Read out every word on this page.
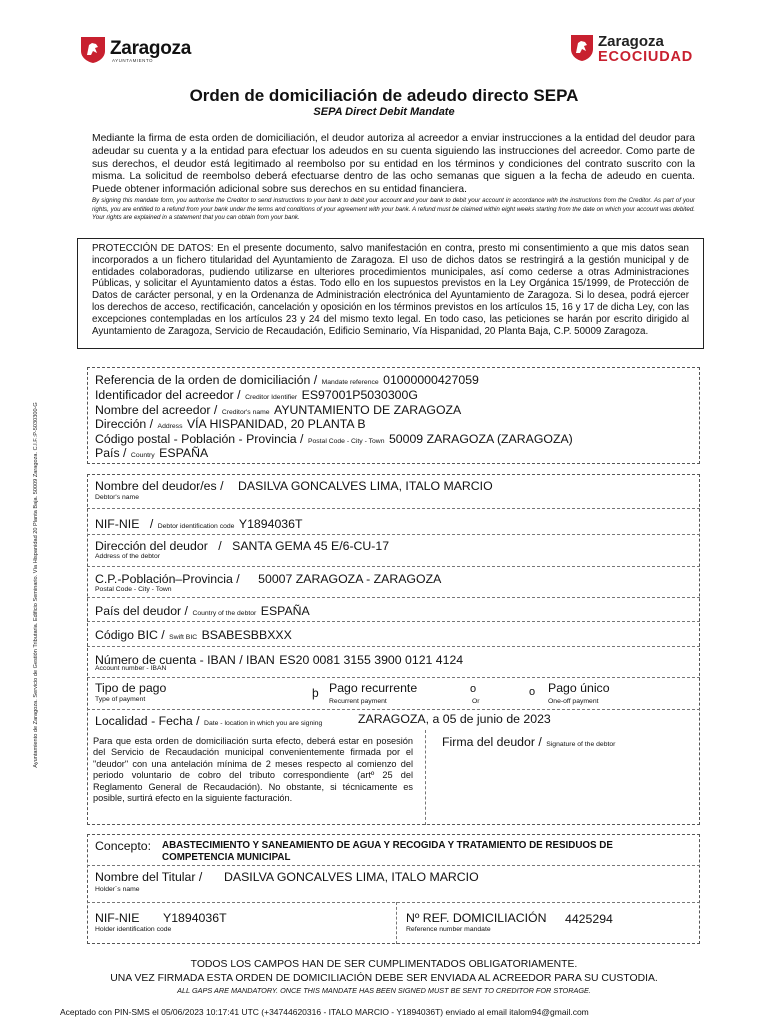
Zaragoza
AYUNTAMIENTO
Zaragoza
ECOCIUDAD
Orden de domiciliación de adeudo directo SEPA
SEPA Direct Debit Mandate
Mediante la firma de esta orden de domiciliación, el deudor autoriza al acreedor a enviar instrucciones a la entidad del deudor para adeudar su cuenta y a la entidad para efectuar los adeudos en su cuenta siguiendo las instrucciones del acreedor. Como parte de sus derechos, el deudor está legitimado al reembolso por su entidad en los términos y condiciones del contrato suscrito con la misma. La solicitud de reembolso deberá efectuarse dentro de las ocho semanas que siguen a la fecha de adeudo en cuenta. Puede obtener información adicional sobre sus derechos en su entidad financiera.
By signing this mandate form, you authorise the Creditor to send instructions to your bank to debit your account and your bank to debit your account in accordance with the instructions from the Creditor. As part of your rights, you are entitled to a refund from your bank under the terms and conditions of your agreement with your bank. A refund must be claimed within eight weeks starting from the date on which your account was debited. Your rights are explained in a statement that you can obtain from your bank.
PROTECCIÓN DE DATOS: En el presente documento, salvo manifestación en contra, presto mi consentimiento a que mis datos sean incorporados a un fichero titularidad del Ayuntamiento de Zaragoza. El uso de dichos datos se restringirá a la gestión municipal y de entidades colaboradoras, pudiendo utilizarse en ulteriores procedimientos municipales, así como cederse a otras Administraciones Públicas, y solicitar el Ayuntamiento datos a éstas. Todo ello en los supuestos previstos en la Ley Orgánica 15/1999, de Protección de Datos de carácter personal, y en la Ordenanza de Administración electrónica del Ayuntamiento de Zaragoza. Si lo desea, podrá ejercer los derechos de acceso, rectificación, cancelación y oposición en los términos previstos en los artículos 15, 16 y 17 de dicha Ley, con las excepciones contempladas en los artículos 23 y 24 del mismo texto legal. En todo caso, las peticiones se harán por escrito dirigido al Ayuntamiento de Zaragoza, Servicio de Recaudación, Edificio Seminario, Vía Hispanidad, 20 Planta Baja, C.P. 50009 Zaragoza.
Ayuntamiento de Zaragoza. Servicio de Gestión Tributaria. Edificio Seminario. Vía Hispanidad 20 Planta Baja. 50009 Zaragoza. C.I.F.:P-5030300-G
Referencia de la orden de domiciliación / Mandate reference 01000000427059
Identificador del acreedor / Creditor Identifier ES97001P5030300G
Nombre del acreedor / Creditor's name AYUNTAMIENTO DE ZARAGOZA
Dirección / Address VÍA HISPANIDAD, 20 PLANTA B
Código postal - Población - Provincia / Postal Code - City - Town 50009 ZARAGOZA (ZARAGOZA)
País / Country ESPAÑA
Nombre del deudor/es / DASILVA GONCALVES LIMA, ITALO MARCIO
Debtor's name
NIF-NIE / Debtor identification code Y1894036T
Dirección del deudor / SANTA GEMA 45 E/6-CU-17
Address of the debtor
C.P.-Población–Provincia / 50007 ZARAGOZA - ZARAGOZA
Postal Code - City - Town
País del deudor / Country of the debtor ESPAÑA
Código BIC / Swift BIC BSABESBBXXX
Número de cuenta - IBAN / IBAN ES20 0081 3155 3900 0121 4124
Account number - IBAN
Tipo de pago
Type of payment	þ Pago recurrente
Recurrent payment
o
Or
o Pago único
One-off payment
Localidad - Fecha / Date - location in which you are signing	ZARAGOZA, a 05 de junio de 2023
Para que esta orden de domiciliación surta efecto, deberá estar en posesión del Servicio de Recaudación municipal convenientemente firmada por el "deudor" con una antelación mínima de 2 meses respecto al comienzo del periodo voluntario de cobro del tributo correspondiente (artº 25 del Reglamento General de Recaudación). No obstante, si técnicamente es posible, surtirá efecto en la siguiente facturación.
Firma del deudor / Signature of the debtor
Concepto: ABASTECIMIENTO Y SANEAMIENTO DE AGUA Y RECOGIDA Y TRATAMIENTO DE RESIDUOS DE COMPETENCIA MUNICIPAL
Nombre del Titular / DASILVA GONCALVES LIMA, ITALO MARCIO
Holder´s name
NIF-NIE Y1894036T
Holder identification code
Nº REF. DOMICILIACIÓN 4425294
Reference number mandate
TODOS LOS CAMPOS HAN DE SER CUMPLIMENTADOS OBLIGATORIAMENTE.
UNA VEZ FIRMADA ESTA ORDEN DE DOMICILIACIÓN DEBE SER ENVIADA AL ACREEDOR PARA SU CUSTODIA.
ALL GAPS ARE MANDATORY. ONCE THIS MANDATE HAS BEEN SIGNED MUST BE SENT TO CREDITOR FOR STORAGE.
Aceptado con PIN-SMS el 05/06/2023 10:17:41 UTC (+34744620316 - ITALO MARCIO - Y1894036T) enviado al email italom94@gmail.com
